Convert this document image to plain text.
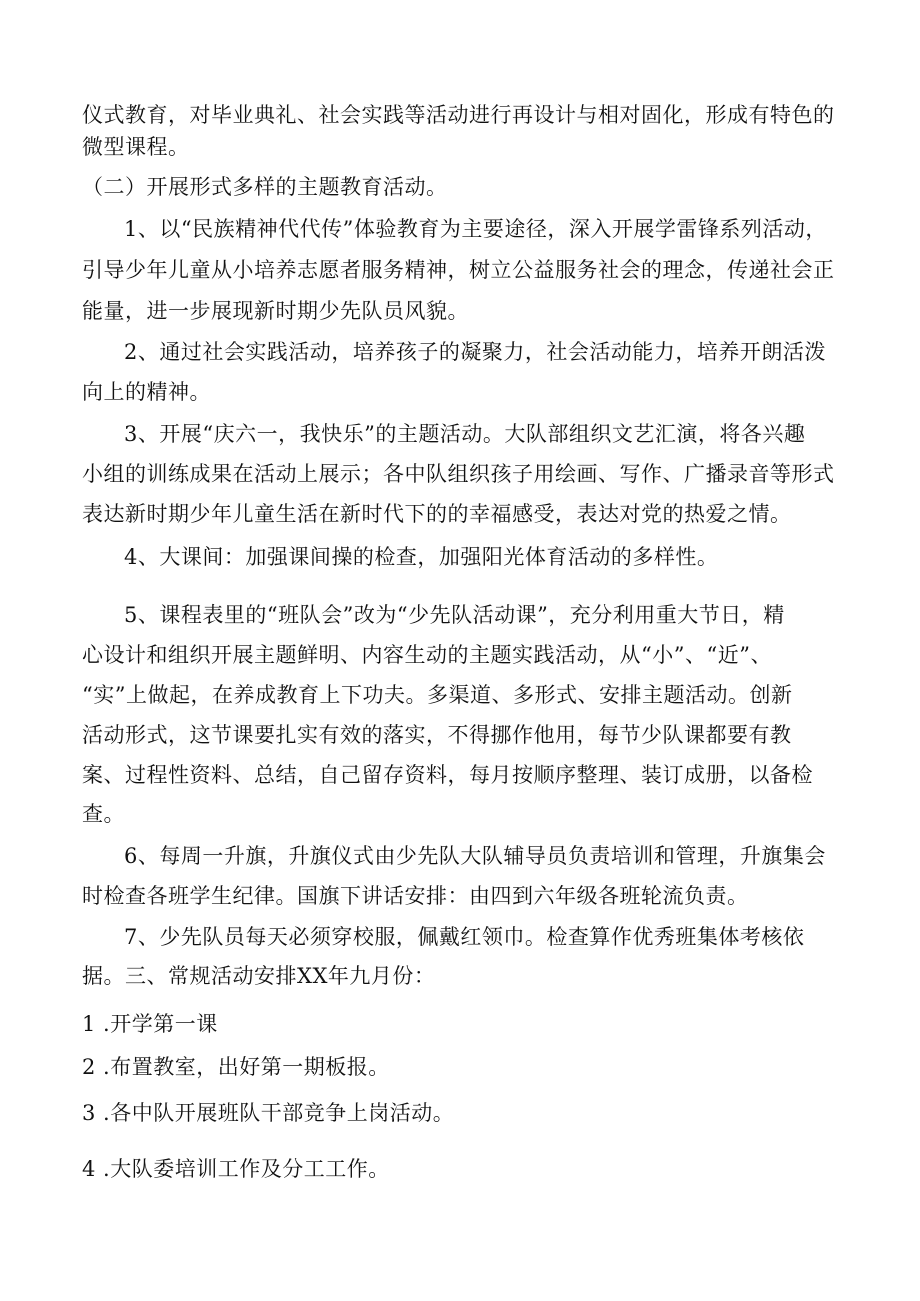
仪式教育，对毕业典礼、社会实践等活动进行再设计与相对固化，形成有特色的
微型课程。
（二）开展形式多样的主题教育活动。
1、以“民族精神代代传”体验教育为主要途径，深入开展学雷锋系列活动，
引导少年儿童从小培养志愿者服务精神，树立公益服务社会的理念，传递社会正
能量，进一步展现新时期少先队员风貌。
2、通过社会实践活动，培养孩子的凝聚力，社会活动能力，培养开朗活泼
向上的精神。
3、开展“庆六一，我快乐”的主题活动。大队部组织文艺汇演，将各兴趣
小组的训练成果在活动上展示；各中队组织孩子用绘画、写作、广播录音等形式
表达新时期少年儿童生活在新时代下的的幸福感受，表达对党的热爱之情。
4、大课间：加强课间操的检查，加强阳光体育活动的多样性。
5、课程表里的“班队会”改为“少先队活动课”，充分利用重大节日，精
心设计和组织开展主题鲜明、内容生动的主题实践活动，从“小”、“近”、
“实”上做起，在养成教育上下功夫。多渠道、多形式、安排主题活动。创新
活动形式，这节课要扎实有效的落实，不得挪作他用，每节少队课都要有教
案、过程性资料、总结，自己留存资料，每月按顺序整理、装订成册，以备检
查。
6、每周一升旗，升旗仪式由少先队大队辅导员负责培训和管理，升旗集会
时检查各班学生纪律。国旗下讲话安排：由四到六年级各班轮流负责。
7、少先队员每天必须穿校服，佩戴红领巾。检查算作优秀班集体考核依
据。三、常规活动安排XX年九月份：
1 .开学第一课
2 .布置教室，出好第一期板报。
3 .各中队开展班队干部竞争上岗活动。
4 .大队委培训工作及分工工作。
